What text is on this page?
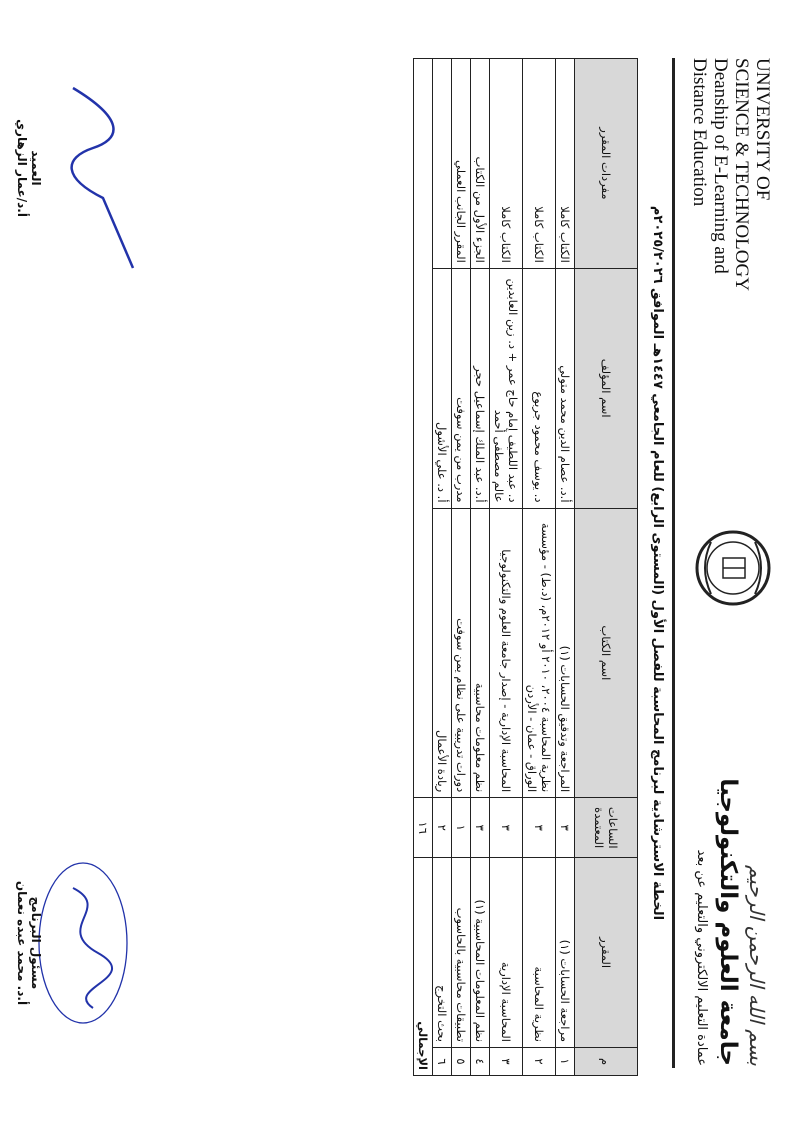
UNIVERSITY OF
SCIENCE & TECHNOLOGY
Deanship of E-Learning and
Distance Education
بسم الله الرحمن الرحيم
جامعة العلوم والتكنولوجيا
عمادة التعليم الالكتروني والتعليم عن بعد
الخطة الاسترشادية لبرنامج المحاسبة للفصل الأول (المستوى الرابع) للعام الجامعي ١٤٤٧هـ الموافق ٢٠٢٥/٢٠٢٦م
م	المقرر	الساعات المعتمدة	اسم الكتاب	اسم المؤلف	مفردات المقرر
١	مراجعة الحسابات (١)	٣	المراجعة وتدقيق الحسابات (١)	أ.د. عصام الدين محمد متولي	الكتاب كاملا
٢	نظرية المحاسبة	٣	نظرية المحاسبة ٢٠٠٤، ٢٠١٠ أو ٢٠١٢م، (د.ط) - مؤسسة الوراق - عمان - الأردن	د. يوسف محمود جربوع	الكتاب كاملا
٣	المحاسبة الإدارية	٣	المحاسبة الإدارية - إصدار جامعة العلوم والتكنولوجيا	د. عبد اللطيف إمام حاج عمر + د. زين العابدين عالم مصطفى أحمد	الكتاب كاملا
٤	نظم المعلومات المحاسبية (١)	٣	نظم معلومات محاسبية	أ.د. عبد الملك إسماعيل حجر	الجزء الأول من الكتاب
٥	تطبيقات محاسبية بالحاسوب	١	دورات تدريبية على نظام يمن سوفت	مدرب من يمن سوفت	المقرر الجانب العملي
٦	بحث التخرج	٢	ريادة الأعمال	أ. د. علي الأشول	
الإجمالي		١٦			
مسئول البرنامج
أ.د. محمد عبده نعمان
العميد
أ.د/عمار الزهاري
